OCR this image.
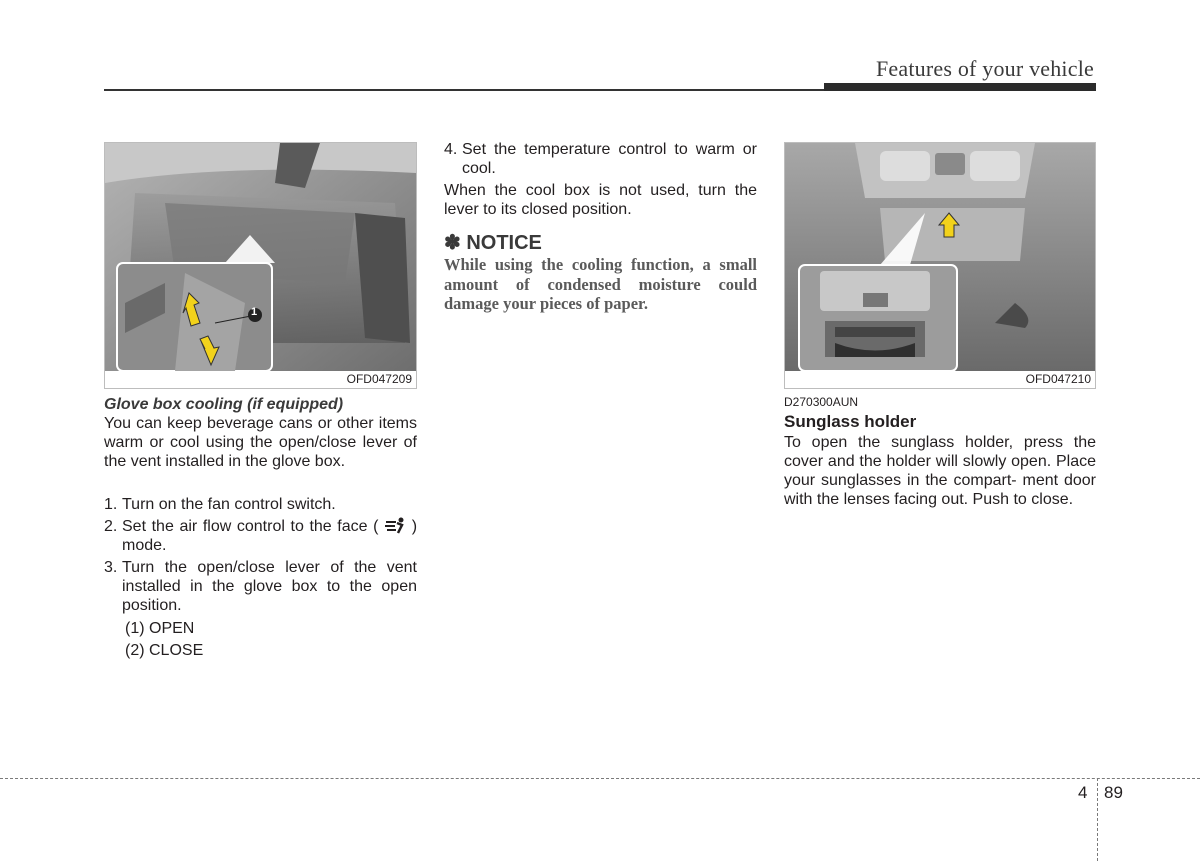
Features of your vehicle
1
OFD047209
Glove box cooling (if equipped)
You can keep beverage cans or other items warm or cool using the open/close lever of the vent installed in the glove box.
1. Turn on the fan control switch.
2. Set the air flow control to the face ( ) mode.
3. Turn the open/close lever of the vent installed in the glove box to the open position.
(1) OPEN
(2) CLOSE
4. Set the temperature control to warm or cool.
When the cool box is not used, turn the lever to its closed position.
✽ NOTICE
While using the cooling function, a small amount of condensed moisture could damage your pieces of paper.
OFD047210
D270300AUN
Sunglass holder
To open the sunglass holder, press the cover and the holder will slowly open. Place your sunglasses in the compart- ment door with the lenses facing out. Push to close.
4 89
